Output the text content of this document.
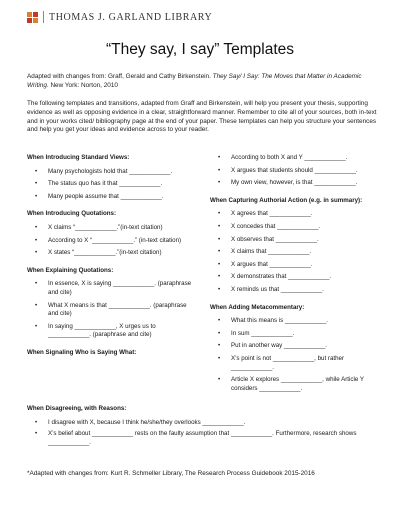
THOMAS J. GARLAND LIBRARY
“They say, I say” Templates
Adapted with changes from: Graff, Gerald and Cathy Birkenstein. They Say/ I Say: The Moves that Matter in Academic Writing. New York: Norton, 2010
The following templates and transitions, adapted from Graff and Birkenstein, will help you present your thesis, supporting evidence as well as opposing evidence in a clear, straightforward manner. Remember to cite all of your sources, both in-text and in your works cited/ bibliography page at the end of your paper. These templates can help you structure your sentences and help you get your ideas and evidence across to your reader.
When Introducing Standard Views:
• Many psychologists hold that ____________.
• The status quo has it that ____________.
• Many people assume that ____________.
When Introducing Quotations:
• X claims “____________.”(in-text citation)
• According to X “____________.” (in-text citation)
• X states “____________.”(in-text citation)
When Explaining Quotations:
• In essence, X is saying ____________. (paraphrase and cite)
• What X means is that ____________. (paraphrase and cite)
• In saying ____________, X urges us to ____________. (paraphrase and cite)
When Signaling Who is Saying What:
• According to both X and Y ____________.
• X argues that students should ____________.
• My own view, however, is that ____________.
When Capturing Authorial Action (e.g. in summary):
• X agrees that ____________.
• X concedes that ____________.
• X observes that ____________.
• X claims that ____________.
• X argues that ____________.
• X demonstrates that ____________.
• X reminds us that ____________.
When Adding Metacommentary:
• What this means is ____________.
• In sum ____________.
• Put in another way ____________.
• X’s point is not ____________, but rather ____________.
• Article X explores ____________, while Article Y considers ____________.
When Disagreeing, with Reasons:
• I disagree with X, because I think he/she/they overlooks ____________.
• X’s belief about ____________ rests on the faulty assumption that ____________. Furthermore, research shows ____________.
*Adapted with changes from: Kurt R. Schmeller Library, The Research Process Guidebook 2015-2016
